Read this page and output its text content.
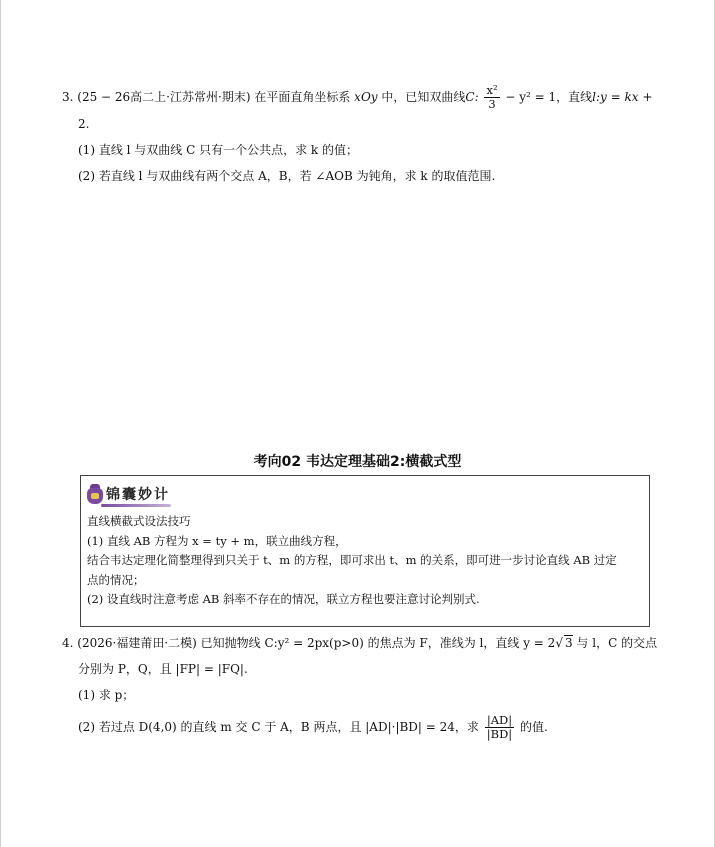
3. (25 − 26高二上·江苏常州·期末) 在平面直角坐标系 xOy 中，已知双曲线C: $\frac{\text{x²}}{3} - y^2 = 1$，直线l:y = kx +
2.
(1) 直线 l 与双曲线 C 只有一个公共点，求 k 的值；
(2) 若直线 l 与双曲线有两个交点 A，B，若 ∠AOB 为钝角，求 k 的取值范围.
考向02 韦达定理基础2:横截式型
锦囊妙计
直线横截式设法技巧
(1) 直线 AB 方程为 x = ty + m，联立曲线方程，
结合韦达定理化简整理得到只关于 t、m 的方程，即可求出 t、m 的关系，即可进一步讨论直线 AB 过定
点的情况；
(2) 设直线时注意考虑 AB 斜率不存在的情况，联立方程也要注意讨论判别式.
4. (2026·福建莆田·二模) 已知抛物线 C:y² = 2px(p>0) 的焦点为 F，准线为 l，直线 y = 2√ 3 与 l，C 的交点
分别为 P，Q，且 |FP| = |FQ|.
(1) 求 p；
(2) 若过点 D(4,0) 的直线 m 交 C 于 A，B 两点，且 |AD|·|BD| = 24，求 $\frac{|AD|}{|BD|}$ 的值.
